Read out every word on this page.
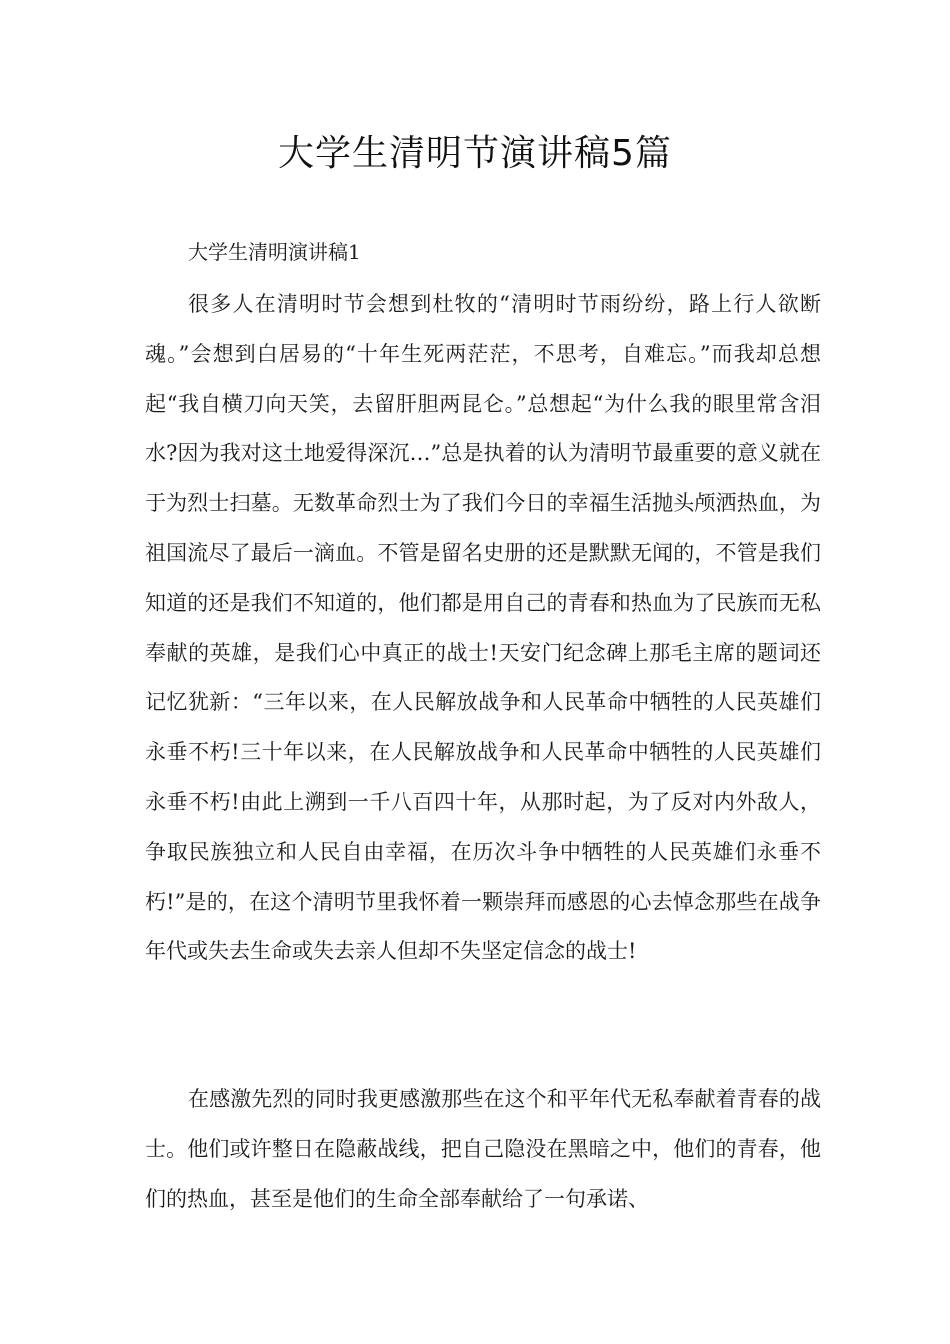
大学生清明节演讲稿5篇
大学生清明演讲稿1

很多人在清明时节会想到杜牧的“清明时节雨纷纷，路上行人欲断魂。”会想到白居易的“十年生死两茫茫，不思考，自难忘。”而我却总想起“我自横刀向天笑，去留肝胆两昆仑。”总想起“为什么我的眼里常含泪水?因为我对这土地爱得深沉…”总是执着的认为清明节最重要的意义就在于为烈士扫墓。无数革命烈士为了我们今日的幸福生活抛头颅洒热血，为祖国流尽了最后一滴血。不管是留名史册的还是默默无闻的，不管是我们知道的还是我们不知道的，他们都是用自己的青春和热血为了民族而无私奉献的英雄，是我们心中真正的战士!天安门纪念碑上那毛主席的题词还记忆犹新：“三年以来，在人民解放战争和人民革命中牺牲的人民英雄们永垂不朽!三十年以来，在人民解放战争和人民革命中牺牲的人民英雄们永垂不朽!由此上溯到一千八百四十年，从那时起，为了反对内外敌人，争取民族独立和人民自由幸福，在历次斗争中牺牲的人民英雄们永垂不朽!”是的，在这个清明节里我怀着一颗崇拜而感恩的心去悼念那些在战争年代或失去生命或失去亲人但却不失坚定信念的战士!

在感激先烈的同时我更感激那些在这个和平年代无私奉献着青春的战士。他们或许整日在隐蔽战线，把自己隐没在黑暗之中，他们的青春，他们的热血，甚至是他们的生命全部奉献给了一句承诺、
